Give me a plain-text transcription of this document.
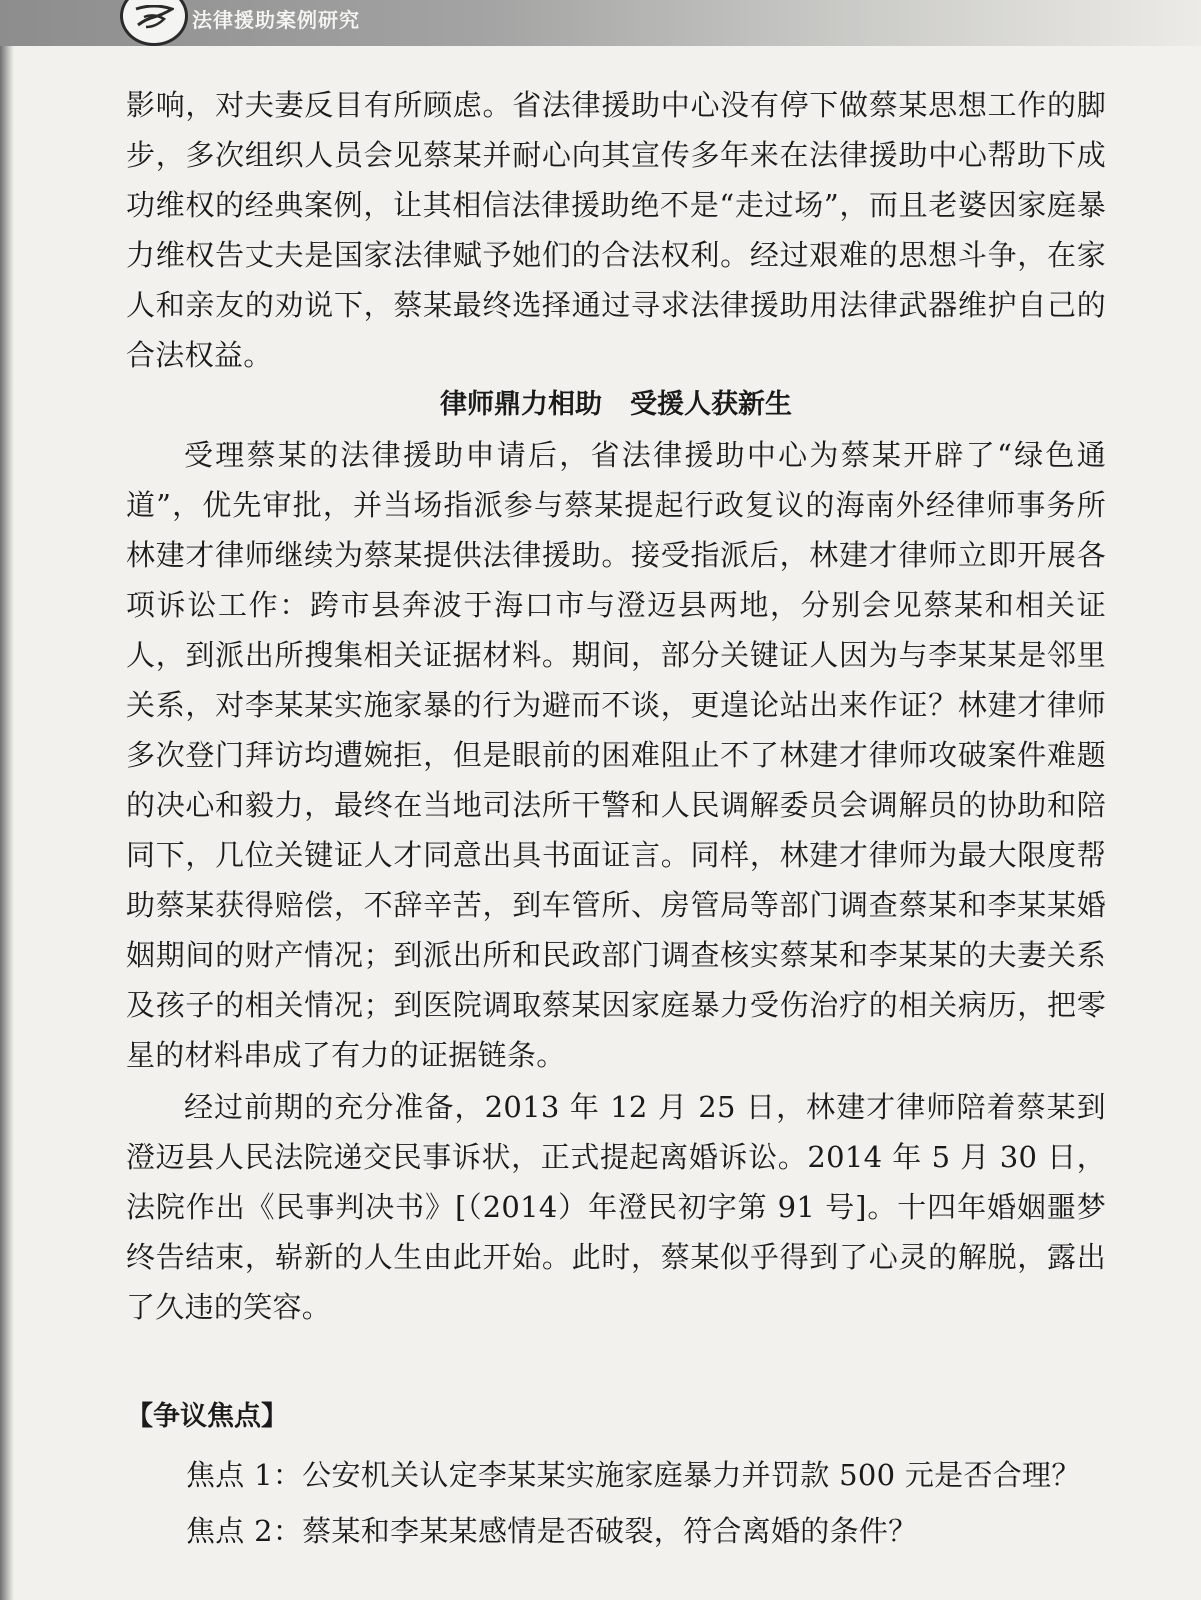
法律援助案例研究

影响，对夫妻反目有所顾虑。省法律援助中心没有停下做蔡某思想工作的脚步，多次组织人员会见蔡某并耐心向其宣传多年来在法律援助中心帮助下成功维权的经典案例，让其相信法律援助绝不是“走过场”，而且老婆因家庭暴力维权告丈夫是国家法律赋予她们的合法权利。经过艰难的思想斗争，在家人和亲友的劝说下，蔡某最终选择通过寻求法律援助用法律武器维护自己的合法权益。

律师鼎力相助 受援人获新生

受理蔡某的法律援助申请后，省法律援助中心为蔡某开辟了“绿色通道”，优先审批，并当场指派参与蔡某提起行政复议的海南外经律师事务所林建才律师继续为蔡某提供法律援助。接受指派后，林建才律师立即开展各项诉讼工作：跨市县奔波于海口市与澄迈县两地，分别会见蔡某和相关证人，到派出所搜集相关证据材料。期间，部分关键证人因为与李某某是邻里关系，对李某某实施家暴的行为避而不谈，更遑论站出来作证？林建才律师多次登门拜访均遭婉拒，但是眼前的困难阻止不了林建才律师攻破案件难题的决心和毅力，最终在当地司法所干警和人民调解委员会调解员的协助和陪同下，几位关键证人才同意出具书面证言。同样，林建才律师为最大限度帮助蔡某获得赔偿，不辞辛苦，到车管所、房管局等部门调查蔡某和李某某婚姻期间的财产情况；到派出所和民政部门调查核实蔡某和李某某的夫妻关系及孩子的相关情况；到医院调取蔡某因家庭暴力受伤治疗的相关病历，把零星的材料串成了有力的证据链条。

经过前期的充分准备，2013 年 12 月 25 日，林建才律师陪着蔡某到澄迈县人民法院递交民事诉状，正式提起离婚诉讼。2014 年 5 月 30 日，法院作出《民事判决书》[（2014）年澄民初字第 91 号]。十四年婚姻噩梦终告结束，崭新的人生由此开始。此时，蔡某似乎得到了心灵的解脱，露出了久违的笑容。

【争议焦点】

焦点 1：公安机关认定李某某实施家庭暴力并罚款 500 元是否合理？

焦点 2：蔡某和李某某感情是否破裂，符合离婚的条件？
